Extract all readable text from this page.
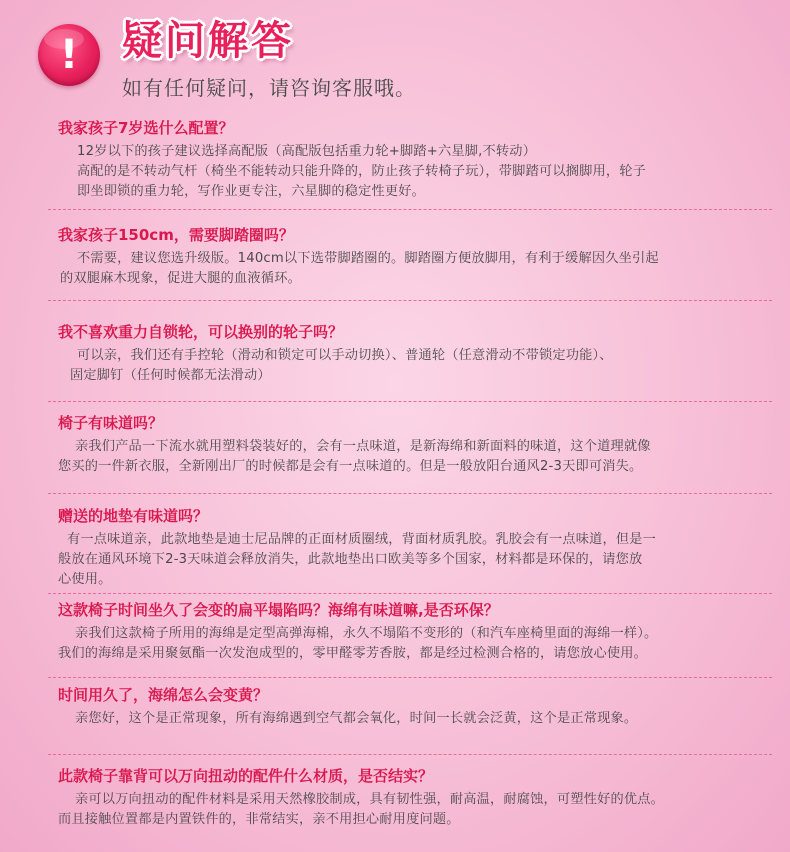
!	疑问解答

如有任何疑问，请咨询客服哦。

我家孩子7岁选什么配置？
12岁以下的孩子建议选择高配版（高配版包括重力轮+脚踏+六星脚,不转动）
高配的是不转动气杆（椅坐不能转动只能升降的，防止孩子转椅子玩），带脚踏可以搁脚用，轮子
即坐即锁的重力轮，写作业更专注，六星脚的稳定性更好。
我家孩子150cm，需要脚踏圈吗？
不需要，建议您选升级版。140cm以下选带脚踏圈的。脚踏圈方便放脚用，有利于缓解因久坐引起
的双腿麻木现象，促进大腿的血液循环。
我不喜欢重力自锁轮，可以换别的轮子吗？
可以亲，我们还有手控轮（滑动和锁定可以手动切换）、普通轮（任意滑动不带锁定功能）、
固定脚钉（任何时候都无法滑动）
椅子有味道吗？
亲我们产品一下流水就用塑料袋装好的，会有一点味道，是新海绵和新面料的味道，这个道理就像
您买的一件新衣服，全新刚出厂的时候都是会有一点味道的。但是一般放阳台通风2-3天即可消失。
赠送的地垫有味道吗？
有一点味道亲，此款地垫是迪士尼品牌的正面材质圈绒，背面材质乳胶。乳胶会有一点味道，但是一
般放在通风环境下2-3天味道会释放消失，此款地垫出口欧美等多个国家，材料都是环保的，请您放
心使用。
这款椅子时间坐久了会变的扁平塌陷吗？海绵有味道嘛,是否环保？
亲我们这款椅子所用的海绵是定型高弹海棉，永久不塌陷不变形的（和汽车座椅里面的海绵一样）。
我们的海绵是采用聚氨酯一次发泡成型的，零甲醛零芳香胺，都是经过检测合格的，请您放心使用。
时间用久了，海绵怎么会变黄？
亲您好，这个是正常现象，所有海绵遇到空气都会氧化，时间一长就会泛黄，这个是正常现象。
此款椅子靠背可以万向扭动的配件什么材质，是否结实？
亲可以万向扭动的配件材料是采用天然橡胶制成，具有韧性强，耐高温，耐腐蚀，可塑性好的优点。
而且接触位置都是内置铁件的，非常结实，亲不用担心耐用度问题。
